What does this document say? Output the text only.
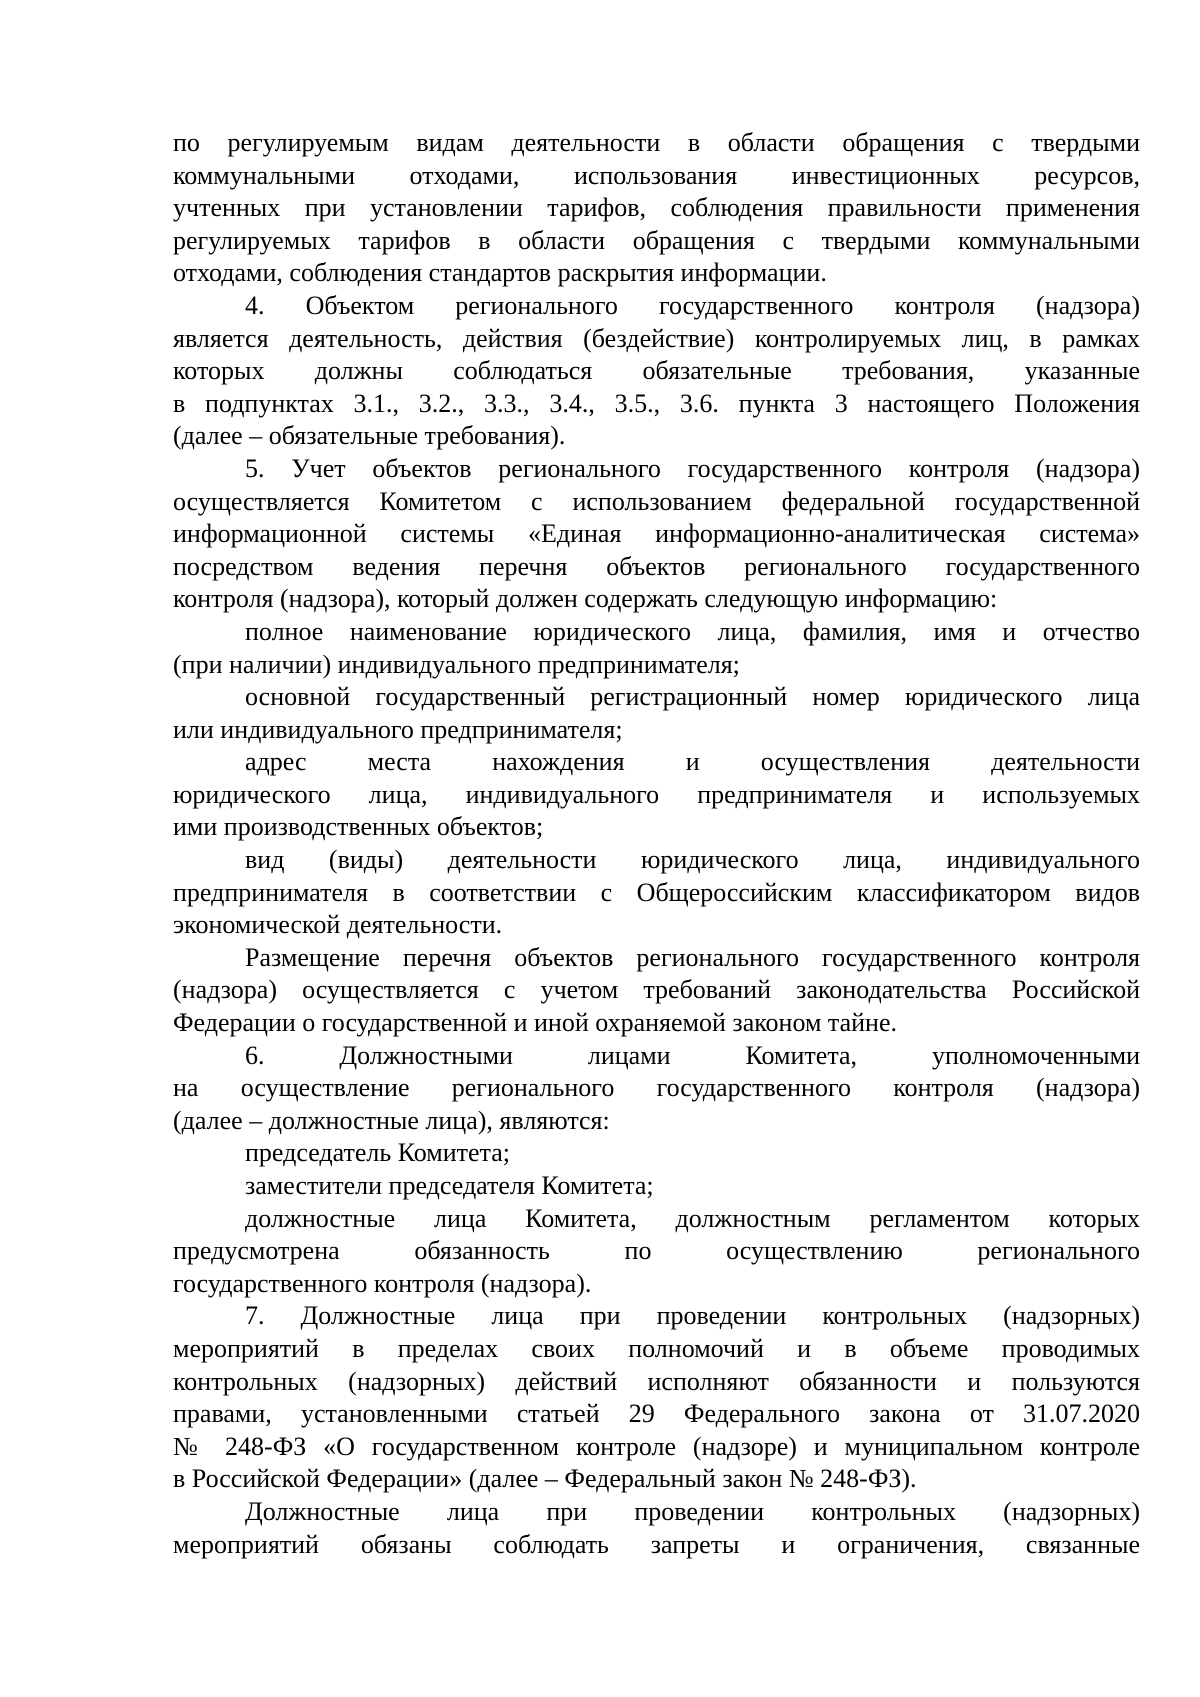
по регулируемым видам деятельности в области обращения с твердыми
коммунальными отходами, использования инвестиционных ресурсов,
учтенных при установлении тарифов, соблюдения правильности применения
регулируемых тарифов в области обращения с твердыми коммунальными
отходами, соблюдения стандартов раскрытия информации.
4. Объектом регионального государственного контроля (надзора)
является деятельность, действия (бездействие) контролируемых лиц, в рамках
которых должны соблюдаться обязательные требования, указанные
в подпунктах 3.1., 3.2., 3.3., 3.4., 3.5., 3.6. пункта 3 настоящего Положения
(далее – обязательные требования).
5. Учет объектов регионального государственного контроля (надзора)
осуществляется Комитетом с использованием федеральной государственной
информационной системы «Единая информационно-аналитическая система»
посредством ведения перечня объектов регионального государственного
контроля (надзора), который должен содержать следующую информацию:
полное наименование юридического лица, фамилия, имя и отчество
(при наличии) индивидуального предпринимателя;
основной государственный регистрационный номер юридического лица
или индивидуального предпринимателя;
адрес места нахождения и осуществления деятельности
юридического лица, индивидуального предпринимателя и используемых
ими производственных объектов;
вид (виды) деятельности юридического лица, индивидуального
предпринимателя в соответствии с Общероссийским классификатором видов
экономической деятельности.
Размещение перечня объектов регионального государственного контроля
(надзора) осуществляется с учетом требований законодательства Российской
Федерации о государственной и иной охраняемой законом тайне.
6. Должностными лицами Комитета, уполномоченными
на осуществление регионального государственного контроля (надзора)
(далее – должностные лица), являются:
председатель Комитета;
заместители председателя Комитета;
должностные лица Комитета, должностным регламентом которых
предусмотрена обязанность по осуществлению регионального
государственного контроля (надзора).
7. Должностные лица при проведении контрольных (надзорных)
мероприятий в пределах своих полномочий и в объеме проводимых
контрольных (надзорных) действий исполняют обязанности и пользуются
правами, установленными статьей 29 Федерального закона от 31.07.2020
№ 248-ФЗ «О государственном контроле (надзоре) и муниципальном контроле
в Российской Федерации» (далее – Федеральный закон № 248-ФЗ).
Должностные лица при проведении контрольных (надзорных)
мероприятий обязаны соблюдать запреты и ограничения, связанные
